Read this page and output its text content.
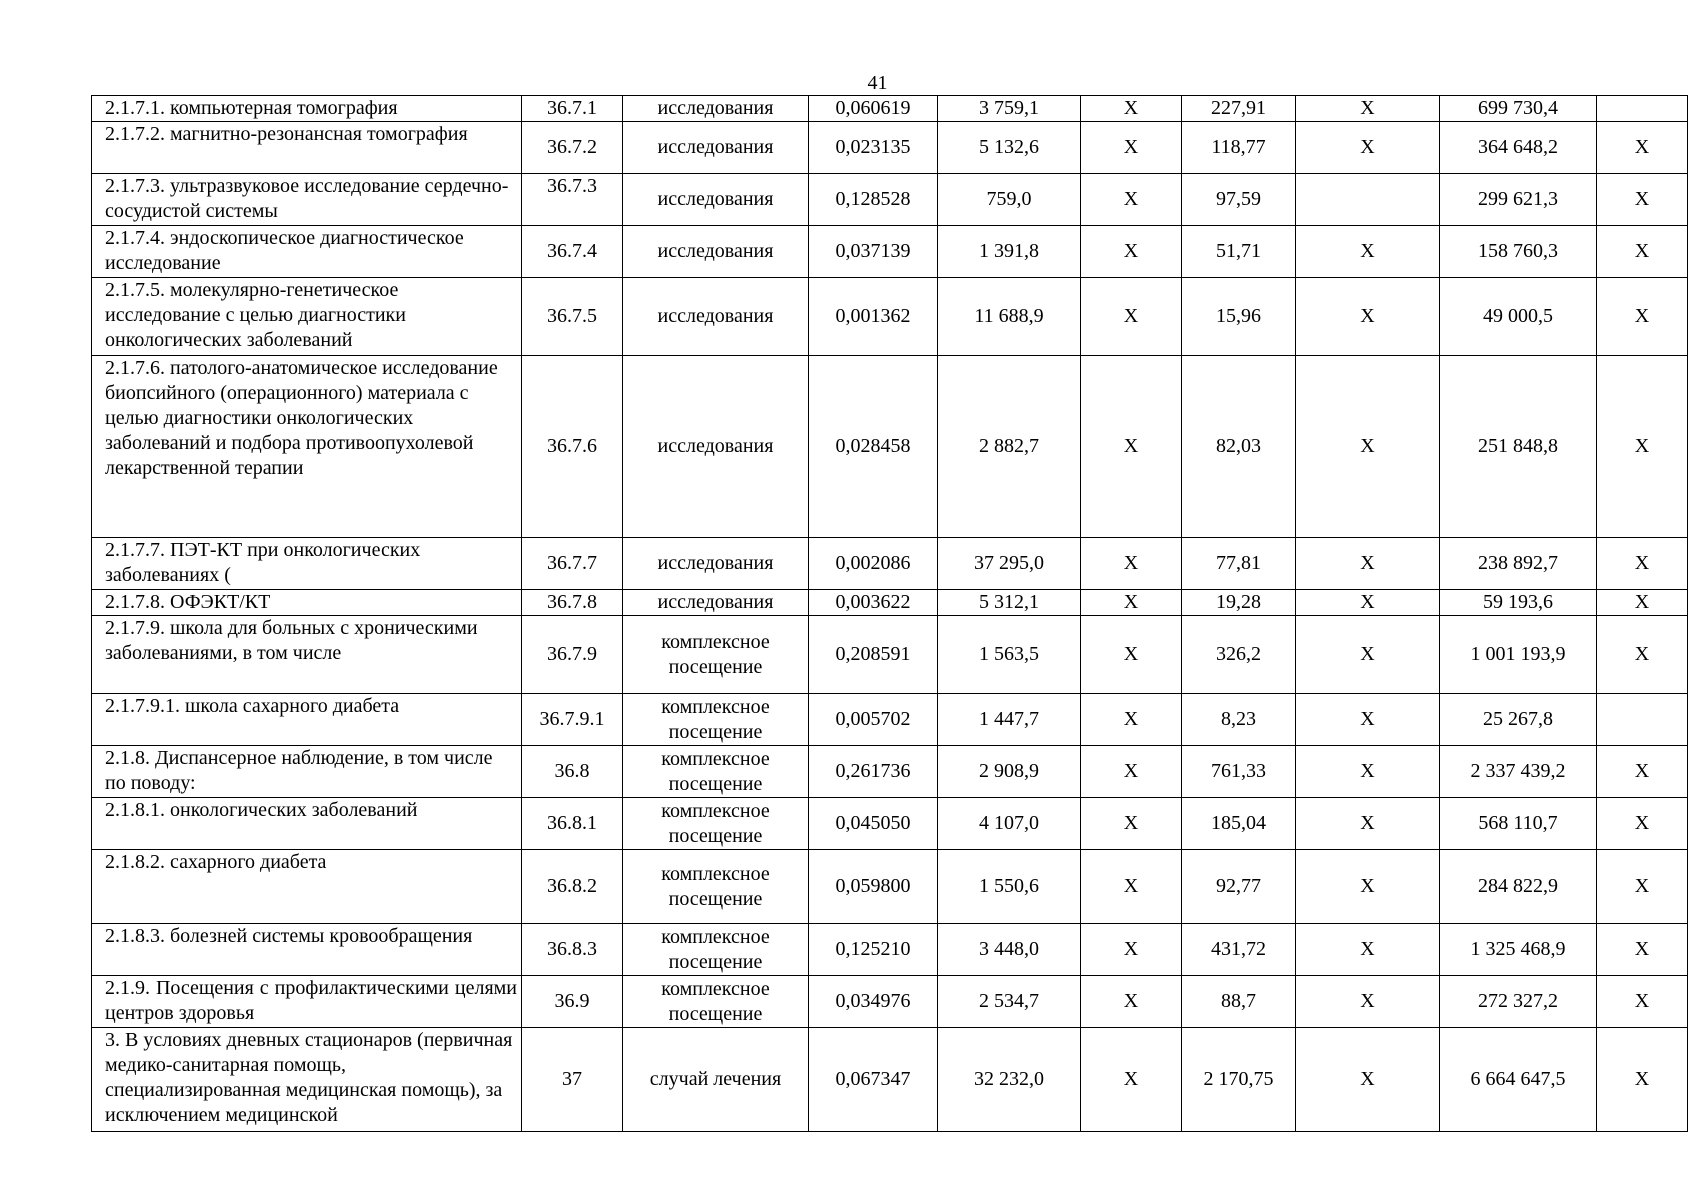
41
2.1.7.1. компьютерная томография	36.7.1	исследования	0,060619	3 759,1	X	227,91	X	699 730,4	
2.1.7.2. магнитно-резонансная томография	36.7.2	исследования	0,023135	5 132,6	X	118,77	X	364 648,2	X
2.1.7.3. ультразвуковое исследование сердечно-сосудистой системы	36.7.3	исследования	0,128528	759,0	X	97,59		299 621,3	X
2.1.7.4. эндоскопическое диагностическое исследование	36.7.4	исследования	0,037139	1 391,8	X	51,71	X	158 760,3	X
2.1.7.5. молекулярно-генетическое исследование с целью диагностики онкологических заболеваний	36.7.5	исследования	0,001362	11 688,9	X	15,96	X	49 000,5	X
2.1.7.6. патолого-анатомическое исследование биопсийного (операционного) материала с целью диагностики онкологических заболеваний и подбора противоопухолевой лекарственной терапии	36.7.6	исследования	0,028458	2 882,7	X	82,03	X	251 848,8	X
2.1.7.7. ПЭТ-КТ при онкологических заболеваниях (	36.7.7	исследования	0,002086	37 295,0	X	77,81	X	238 892,7	X
2.1.7.8. ОФЭКТ/КТ	36.7.8	исследования	0,003622	5 312,1	X	19,28	X	59 193,6	X
2.1.7.9. школа для больных с хроническими заболеваниями, в том числе	36.7.9	комплексное посещение	0,208591	1 563,5	X	326,2	X	1 001 193,9	X
2.1.7.9.1. школа сахарного диабета	36.7.9.1	комплексное посещение	0,005702	1 447,7	X	8,23	X	25 267,8	
2.1.8. Диспансерное наблюдение, в том числе по поводу:	36.8	комплексное посещение	0,261736	2 908,9	X	761,33	X	2 337 439,2	X
2.1.8.1. онкологических заболеваний	36.8.1	комплексное посещение	0,045050	4 107,0	X	185,04	X	568 110,7	X
2.1.8.2. сахарного диабета	36.8.2	комплексное посещение	0,059800	1 550,6	X	92,77	X	284 822,9	X
2.1.8.3. болезней системы кровообращения	36.8.3	комплексное посещение	0,125210	3 448,0	X	431,72	X	1 325 468,9	X
2.1.9. Посещения с профилактическими целями центров здоровья	36.9	комплексное посещение	0,034976	2 534,7	X	88,7	X	272 327,2	X
3. В условиях дневных стационаров (первичная медико-санитарная помощь, специализированная медицинская помощь), за исключением медицинской	37	случай лечения	0,067347	32 232,0	X	2 170,75	X	6 664 647,5	X
